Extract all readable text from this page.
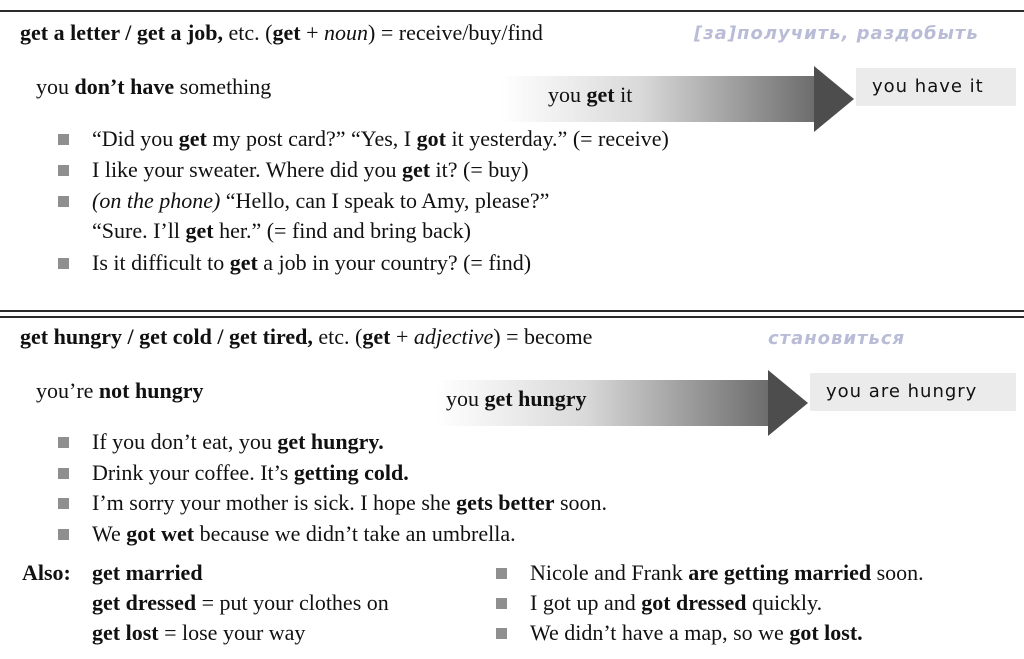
get a letter / get a job, etc. (get + noun) = receive/buy/find	[за]получить, раздобыть
you don’t have something	you get it	you have it
“Did you get my post card?” “Yes, I got it yesterday.” (= receive)
I like your sweater. Where did you get it? (= buy)
(on the phone) “Hello, can I speak to Amy, please?”
“Sure. I’ll get her.” (= find and bring back)
Is it difficult to get a job in your country? (= find)
get hungry / get cold / get tired, etc. (get + adjective) = become	становиться
you’re not hungry	you get hungry	you are hungry
If you don’t eat, you get hungry.
Drink your coffee. It’s getting cold.
I’m sorry your mother is sick. I hope she gets better soon.
We got wet because we didn’t take an umbrella.
Also: get married
get dressed = put your clothes on
get lost = lose your way
Nicole and Frank are getting married soon.
I got up and got dressed quickly.
We didn’t have a map, so we got lost.
